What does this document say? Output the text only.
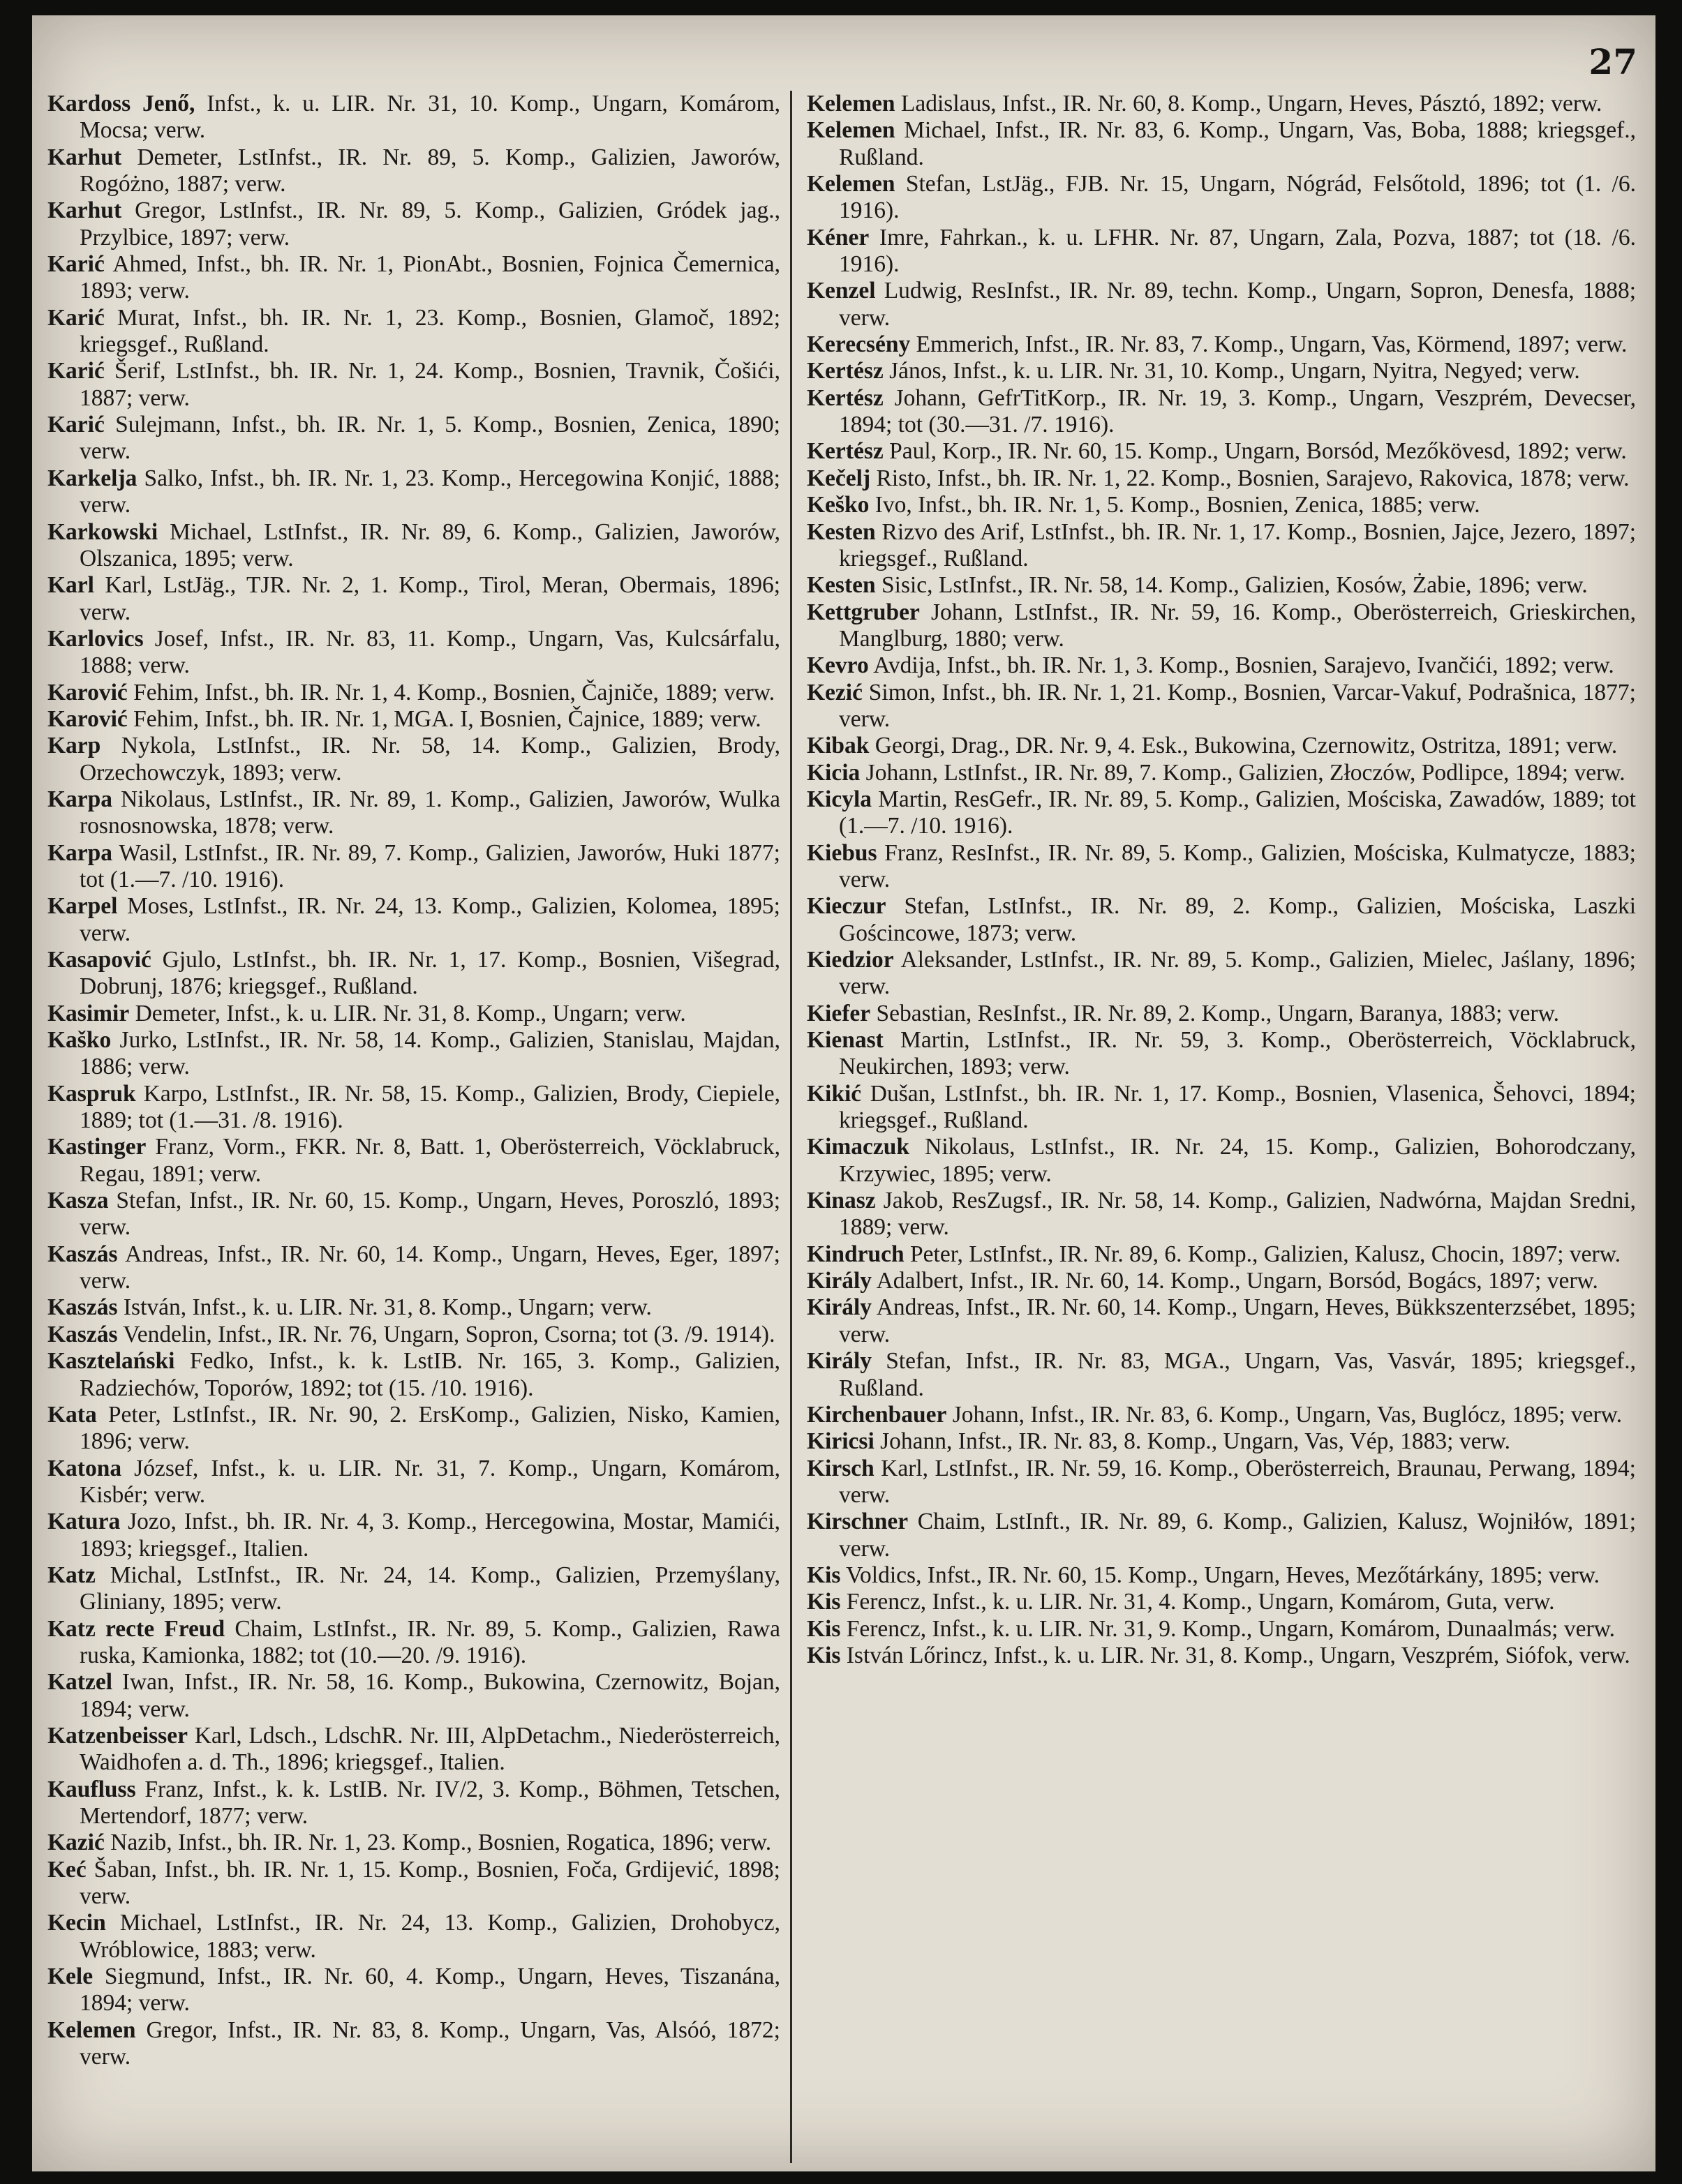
27

Kardoss Jenő, Infst., k. u. LIR. Nr. 31, 10. Komp., Ungarn, Komárom, Mocsa; verw.

Karhut Demeter, LstInfst., IR. Nr. 89, 5. Komp., Galizien, Jaworów, Rogóżno, 1887; verw.

Karhut Gregor, LstInfst., IR. Nr. 89, 5. Komp., Galizien, Gródek jag., Przylbice, 1897; verw.

Karić Ahmed, Infst., bh. IR. Nr. 1, PionAbt., Bosnien, Fojnica Čemernica, 1893; verw.

Karić Murat, Infst., bh. IR. Nr. 1, 23. Komp., Bosnien, Glamoč, 1892; kriegsgef., Rußland.

Karić Šerif, LstInfst., bh. IR. Nr. 1, 24. Komp., Bosnien, Travnik, Čošići, 1887; verw.

Karić Sulejmann, Infst., bh. IR. Nr. 1, 5. Komp., Bosnien, Zenica, 1890; verw.

Karkelja Salko, Infst., bh. IR. Nr. 1, 23. Komp., Hercegowina Konjić, 1888; verw.

Karkowski Michael, LstInfst., IR. Nr. 89, 6. Komp., Galizien, Jaworów, Olszanica, 1895; verw.

Karl Karl, LstJäg., TJR. Nr. 2, 1. Komp., Tirol, Meran, Obermais, 1896; verw.

Karlovics Josef, Infst., IR. Nr. 83, 11. Komp., Ungarn, Vas, Kulcsárfalu, 1888; verw.

Karović Fehim, Infst., bh. IR. Nr. 1, 4. Komp., Bosnien, Čajniče, 1889; verw.

Karović Fehim, Infst., bh. IR. Nr. 1, MGA. I, Bosnien, Čajnice, 1889; verw.

Karp Nykola, LstInfst., IR. Nr. 58, 14. Komp., Galizien, Brody, Orzechowczyk, 1893; verw.

Karpa Nikolaus, LstInfst., IR. Nr. 89, 1. Komp., Galizien, Jaworów, Wulka rosnosnowska, 1878; verw.

Karpa Wasil, LstInfst., IR. Nr. 89, 7. Komp., Galizien, Jaworów, Huki 1877; tot (1.—7. /10. 1916).

Karpel Moses, LstInfst., IR. Nr. 24, 13. Komp., Galizien, Kolomea, 1895; verw.

Kasapović Gjulo, LstInfst., bh. IR. Nr. 1, 17. Komp., Bosnien, Višegrad, Dobrunj, 1876; kriegsgef., Rußland.

Kasimir Demeter, Infst., k. u. LIR. Nr. 31, 8. Komp., Ungarn; verw.

Kaško Jurko, LstInfst., IR. Nr. 58, 14. Komp., Galizien, Stanislau, Majdan, 1886; verw.

Kaspruk Karpo, LstInfst., IR. Nr. 58, 15. Komp., Galizien, Brody, Ciepiele, 1889; tot (1.—31. /8. 1916).

Kastinger Franz, Vorm., FKR. Nr. 8, Batt. 1, Oberösterreich, Vöcklabruck, Regau, 1891; verw.

Kasza Stefan, Infst., IR. Nr. 60, 15. Komp., Ungarn, Heves, Poroszló, 1893; verw.

Kaszás Andreas, Infst., IR. Nr. 60, 14. Komp., Ungarn, Heves, Eger, 1897; verw.

Kaszás István, Infst., k. u. LIR. Nr. 31, 8. Komp., Ungarn; verw.

Kaszás Vendelin, Infst., IR. Nr. 76, Ungarn, Sopron, Csorna; tot (3. /9. 1914).

Kasztelański Fedko, Infst., k. k. LstIB. Nr. 165, 3. Komp., Galizien, Radziechów, Toporów, 1892; tot (15. /10. 1916).

Kata Peter, LstInfst., IR. Nr. 90, 2. ErsKomp., Galizien, Nisko, Kamien, 1896; verw.

Katona József, Infst., k. u. LIR. Nr. 31, 7. Komp., Ungarn, Komárom, Kisbér; verw.

Katura Jozo, Infst., bh. IR. Nr. 4, 3. Komp., Hercegowina, Mostar, Mamići, 1893; kriegsgef., Italien.

Katz Michal, LstInfst., IR. Nr. 24, 14. Komp., Galizien, Przemyślany, Gliniany, 1895; verw.

Katz recte Freud Chaim, LstInfst., IR. Nr. 89, 5. Komp., Galizien, Rawa ruska, Kamionka, 1882; tot (10.—20. /9. 1916).

Katzel Iwan, Infst., IR. Nr. 58, 16. Komp., Bukowina, Czernowitz, Bojan, 1894; verw.

Katzenbeisser Karl, Ldsch., LdschR. Nr. III, AlpDetachm., Niederösterreich, Waidhofen a. d. Th., 1896; kriegsgef., Italien.

Kaufluss Franz, Infst., k. k. LstIB. Nr. IV/2, 3. Komp., Böhmen, Tetschen, Mertendorf, 1877; verw.

Kazić Nazib, Infst., bh. IR. Nr. 1, 23. Komp., Bosnien, Rogatica, 1896; verw.

Keć Šaban, Infst., bh. IR. Nr. 1, 15. Komp., Bosnien, Foča, Grdijević, 1898; verw.

Kecin Michael, LstInfst., IR. Nr. 24, 13. Komp., Galizien, Drohobycz, Wróblowice, 1883; verw.

Kele Siegmund, Infst., IR. Nr. 60, 4. Komp., Ungarn, Heves, Tiszanána, 1894; verw.

Kelemen Gregor, Infst., IR. Nr. 83, 8. Komp., Ungarn, Vas, Alsóó, 1872; verw.

Kelemen Ladislaus, Infst., IR. Nr. 60, 8. Komp., Ungarn, Heves, Pásztó, 1892; verw.

Kelemen Michael, Infst., IR. Nr. 83, 6. Komp., Ungarn, Vas, Boba, 1888; kriegsgef., Rußland.

Kelemen Stefan, LstJäg., FJB. Nr. 15, Ungarn, Nógrád, Felsőtold, 1896; tot (1. /6. 1916).

Kéner Imre, Fahrkan., k. u. LFHR. Nr. 87, Ungarn, Zala, Pozva, 1887; tot (18. /6. 1916).

Kenzel Ludwig, ResInfst., IR. Nr. 89, techn. Komp., Ungarn, Sopron, Denesfa, 1888; verw.

Kerecsény Emmerich, Infst., IR. Nr. 83, 7. Komp., Ungarn, Vas, Körmend, 1897; verw.

Kertész János, Infst., k. u. LIR. Nr. 31, 10. Komp., Ungarn, Nyitra, Negyed; verw.

Kertész Johann, GefrTitKorp., IR. Nr. 19, 3. Komp., Ungarn, Veszprém, Devecser, 1894; tot (30.—31. /7. 1916).

Kertész Paul, Korp., IR. Nr. 60, 15. Komp., Ungarn, Borsód, Mezőkövesd, 1892; verw.

Kečelj Risto, Infst., bh. IR. Nr. 1, 22. Komp., Bosnien, Sarajevo, Rakovica, 1878; verw.

Keško Ivo, Infst., bh. IR. Nr. 1, 5. Komp., Bosnien, Zenica, 1885; verw.

Kesten Rizvo des Arif, LstInfst., bh. IR. Nr. 1, 17. Komp., Bosnien, Jajce, Jezero, 1897; kriegsgef., Rußland.

Kesten Sisic, LstInfst., IR. Nr. 58, 14. Komp., Galizien, Kosów, Żabie, 1896; verw.

Kettgruber Johann, LstInfst., IR. Nr. 59, 16. Komp., Oberösterreich, Grieskirchen, Manglburg, 1880; verw.

Kevro Avdija, Infst., bh. IR. Nr. 1, 3. Komp., Bosnien, Sarajevo, Ivančići, 1892; verw.

Kezić Simon, Infst., bh. IR. Nr. 1, 21. Komp., Bosnien, Varcar-Vakuf, Podrašnica, 1877; verw.

Kibak Georgi, Drag., DR. Nr. 9, 4. Esk., Bukowina, Czernowitz, Ostritza, 1891; verw.

Kicia Johann, LstInfst., IR. Nr. 89, 7. Komp., Galizien, Złoczów, Podlipce, 1894; verw.

Kicyla Martin, ResGefr., IR. Nr. 89, 5. Komp., Galizien, Mościska, Zawadów, 1889; tot (1.—7. /10. 1916).

Kiebus Franz, ResInfst., IR. Nr. 89, 5. Komp., Galizien, Mościska, Kulmatycze, 1883; verw.

Kieczur Stefan, LstInfst., IR. Nr. 89, 2. Komp., Galizien, Mościska, Laszki Gościncowe, 1873; verw.

Kiedzior Aleksander, LstInfst., IR. Nr. 89, 5. Komp., Galizien, Mielec, Jaślany, 1896; verw.

Kiefer Sebastian, ResInfst., IR. Nr. 89, 2. Komp., Ungarn, Baranya, 1883; verw.

Kienast Martin, LstInfst., IR. Nr. 59, 3. Komp., Oberösterreich, Vöcklabruck, Neukirchen, 1893; verw.

Kikić Dušan, LstInfst., bh. IR. Nr. 1, 17. Komp., Bosnien, Vlasenica, Šehovci, 1894; kriegsgef., Rußland.

Kimaczuk Nikolaus, LstInfst., IR. Nr. 24, 15. Komp., Galizien, Bohorodczany, Krzywiec, 1895; verw.

Kinasz Jakob, ResZugsf., IR. Nr. 58, 14. Komp., Galizien, Nadwórna, Majdan Sredni, 1889; verw.

Kindruch Peter, LstInfst., IR. Nr. 89, 6. Komp., Galizien, Kalusz, Chocin, 1897; verw.

Király Adalbert, Infst., IR. Nr. 60, 14. Komp., Ungarn, Borsód, Bogács, 1897; verw.

Király Andreas, Infst., IR. Nr. 60, 14. Komp., Ungarn, Heves, Bükkszenterzsébet, 1895; verw.

Király Stefan, Infst., IR. Nr. 83, MGA., Ungarn, Vas, Vasvár, 1895; kriegsgef., Rußland.

Kirchenbauer Johann, Infst., IR. Nr. 83, 6. Komp., Ungarn, Vas, Buglócz, 1895; verw.

Kiricsi Johann, Infst., IR. Nr. 83, 8. Komp., Ungarn, Vas, Vép, 1883; verw.

Kirsch Karl, LstInfst., IR. Nr. 59, 16. Komp., Oberösterreich, Braunau, Perwang, 1894; verw.

Kirschner Chaim, LstInft., IR. Nr. 89, 6. Komp., Galizien, Kalusz, Wojniłów, 1891; verw.

Kis Voldics, Infst., IR. Nr. 60, 15. Komp., Ungarn, Heves, Mezőtárkány, 1895; verw.

Kis Ferencz, Infst., k. u. LIR. Nr. 31, 4. Komp., Ungarn, Komárom, Guta, verw.

Kis Ferencz, Infst., k. u. LIR. Nr. 31, 9. Komp., Ungarn, Komárom, Dunaalmás; verw.

Kis István Lőrincz, Infst., k. u. LIR. Nr. 31, 8. Komp., Ungarn, Veszprém, Siófok, verw.
